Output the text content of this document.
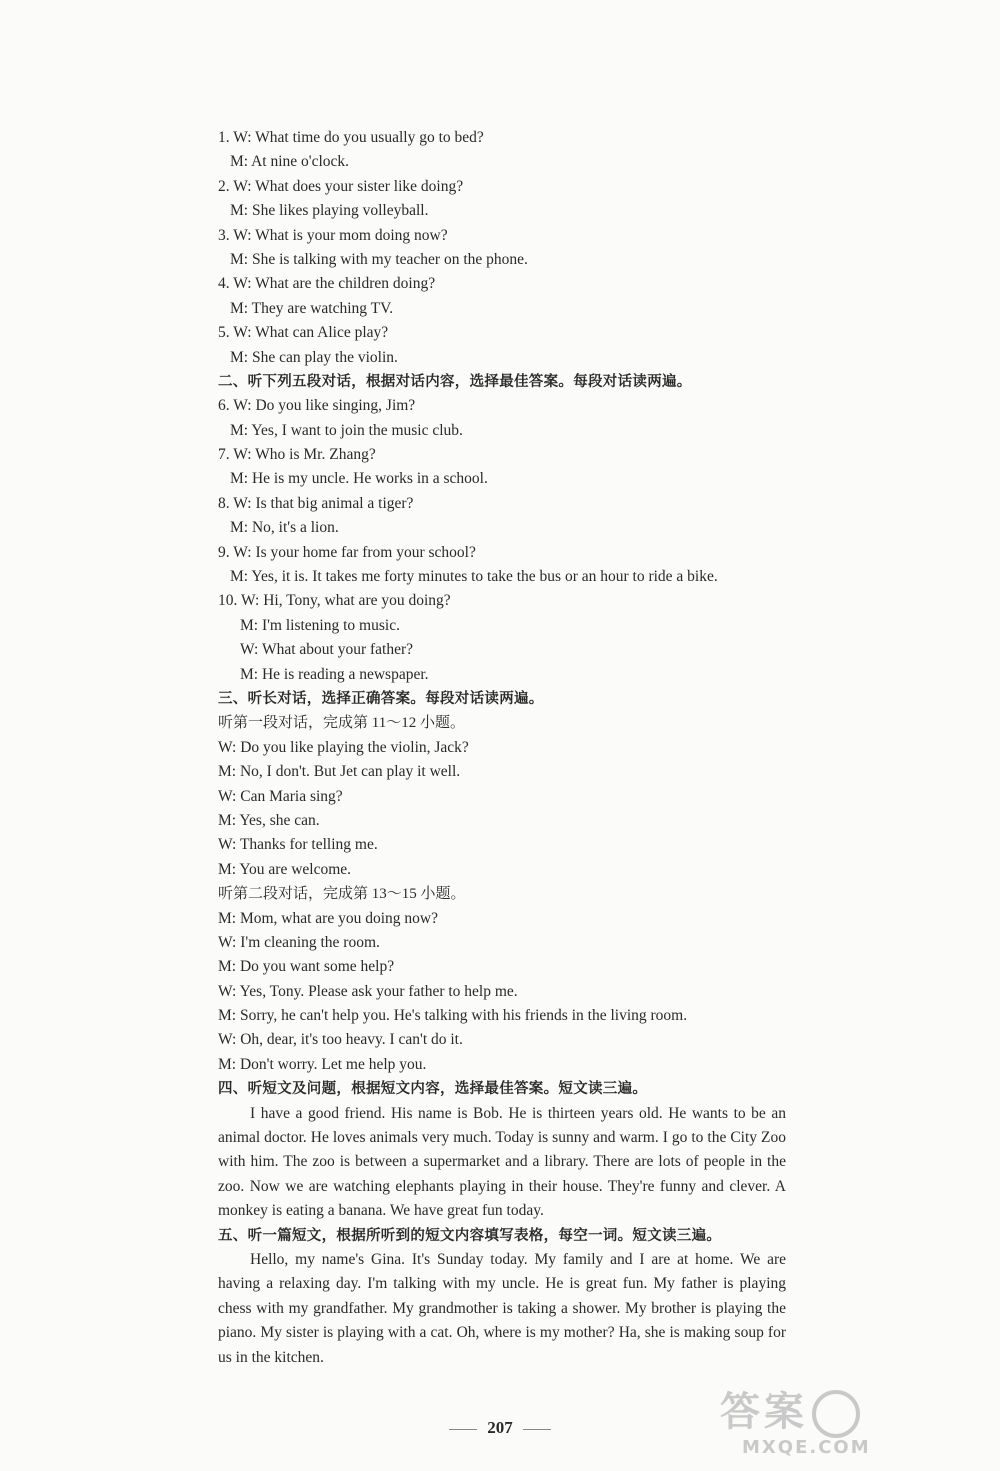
1. W: What time do you usually go to bed?
M: At nine o'clock.
2. W: What does your sister like doing?
M: She likes playing volleyball.
3. W: What is your mom doing now?
M: She is talking with my teacher on the phone.
4. W: What are the children doing?
M: They are watching TV.
5. W: What can Alice play?
M: She can play the violin.
二、听下列五段对话，根据对话内容，选择最佳答案。每段对话读两遍。
6. W: Do you like singing, Jim?
M: Yes, I want to join the music club.
7. W: Who is Mr. Zhang?
M: He is my uncle. He works in a school.
8. W: Is that big animal a tiger?
M: No, it's a lion.
9. W: Is your home far from your school?
M: Yes, it is. It takes me forty minutes to take the bus or an hour to ride a bike.
10. W: Hi, Tony, what are you doing?
M: I'm listening to music.
W: What about your father?
M: He is reading a newspaper.
三、听长对话，选择正确答案。每段对话读两遍。
听第一段对话，完成第 11～12 小题。
W: Do you like playing the violin, Jack?
M: No, I don't. But Jet can play it well.
W: Can Maria sing?
M: Yes, she can.
W: Thanks for telling me.
M: You are welcome.
听第二段对话，完成第 13～15 小题。
M: Mom, what are you doing now?
W: I'm cleaning the room.
M: Do you want some help?
W: Yes, Tony. Please ask your father to help me.
M: Sorry, he can't help you. He's talking with his friends in the living room.
W: Oh, dear, it's too heavy. I can't do it.
M: Don't worry. Let me help you.
四、听短文及问题，根据短文内容，选择最佳答案。短文读三遍。
I have a good friend. His name is Bob. He is thirteen years old. He wants to be an animal doctor. He loves animals very much. Today is sunny and warm. I go to the City Zoo with him. The zoo is between a supermarket and a library. There are lots of people in the zoo. Now we are watching elephants playing in their house. They're funny and clever. A monkey is eating a banana. We have great fun today.
五、听一篇短文，根据所听到的短文内容填写表格，每空一词。短文读三遍。
Hello, my name's Gina. It's Sunday today. My family and I are at home. We are having a relaxing day. I'm talking with my uncle. He is great fun. My father is playing chess with my grandfather. My grandmother is taking a shower. My brother is playing the piano. My sister is playing with a cat. Oh, where is my mother? Ha, she is making soup for us in the kitchen.
207	答案
MXQE.COM
